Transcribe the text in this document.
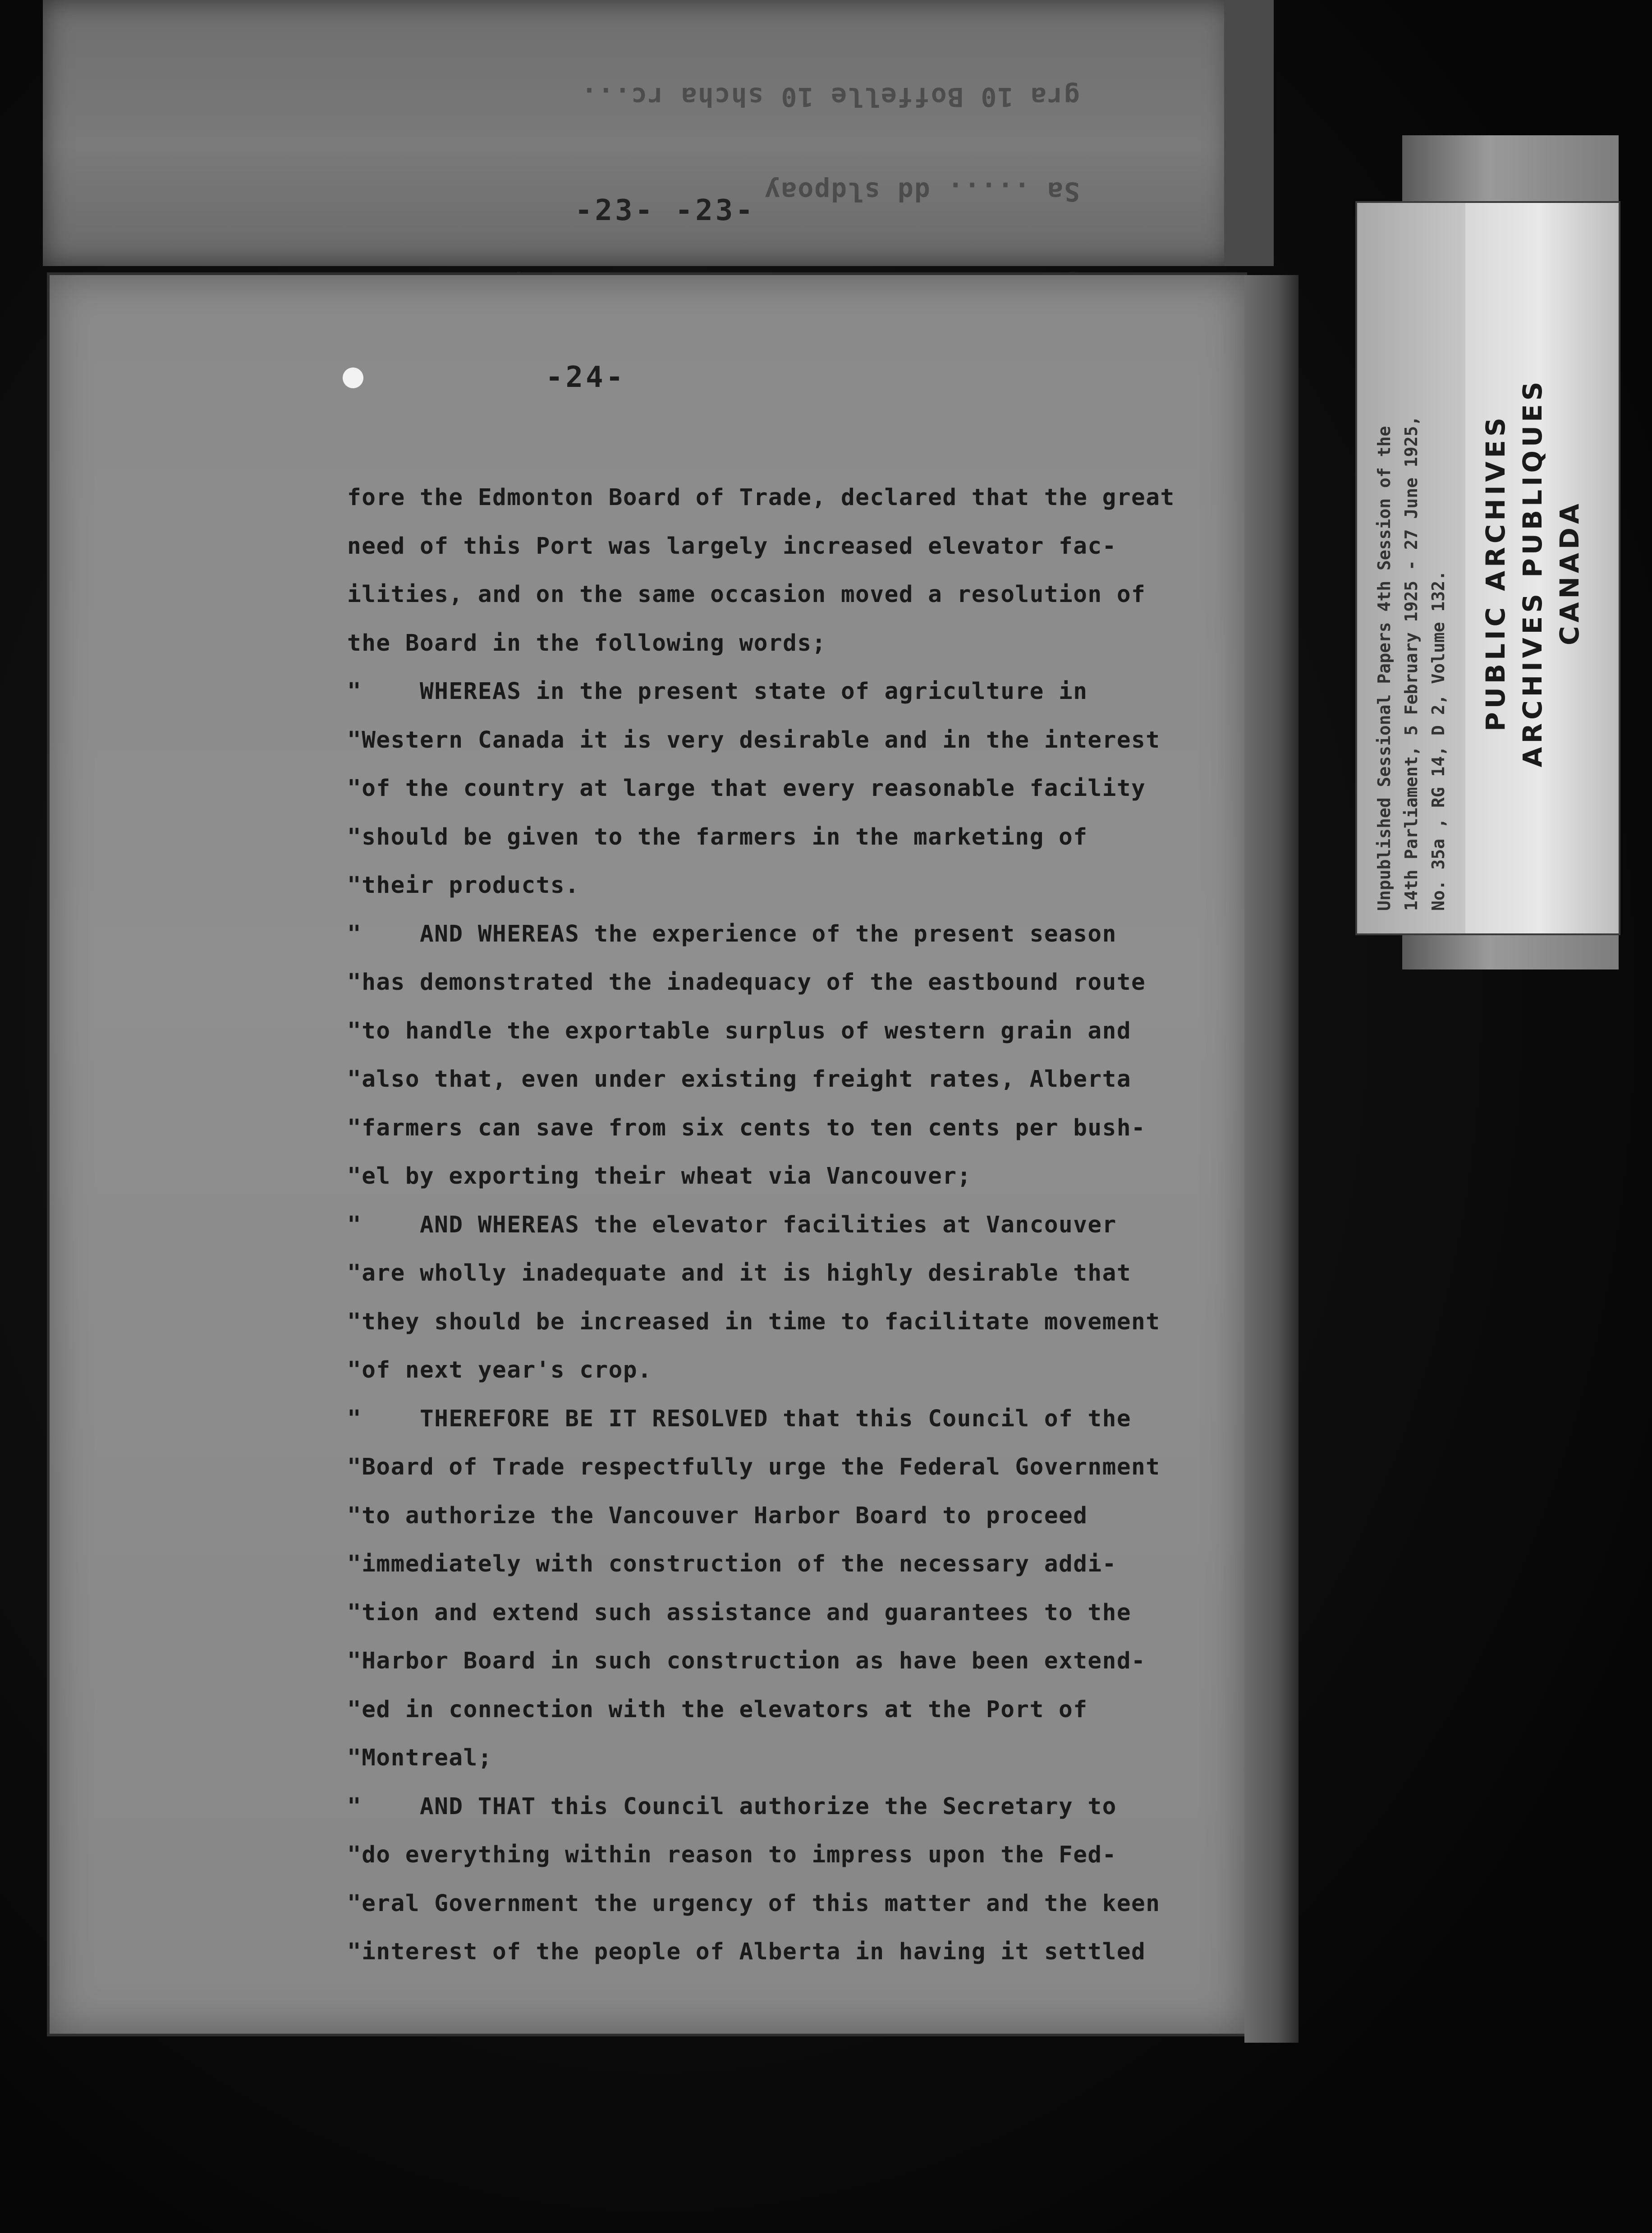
Sa ..... dd sldpoay

gra 10 Boffelle 10 shcha rc...

-23- -23-
-24-
fore the Edmonton Board of Trade, declared that the great
need of this Port was largely increased elevator fac-
ilities, and on the same occasion moved a resolution of
the Board in the following words;
"    WHEREAS in the present state of agriculture in
"Western Canada it is very desirable and in the interest
"of the country at large that every reasonable facility
"should be given to the farmers in the marketing of
"their products.
"    AND WHEREAS the experience of the present season
"has demonstrated the inadequacy of the eastbound route
"to handle the exportable surplus of western grain and
"also that, even under existing freight rates, Alberta
"farmers can save from six cents to ten cents per bush-
"el by exporting their wheat via Vancouver;
"    AND WHEREAS the elevator facilities at Vancouver
"are wholly inadequate and it is highly desirable that
"they should be increased in time to facilitate movement
"of next year's crop.
"    THEREFORE BE IT RESOLVED that this Council of the
"Board of Trade respectfully urge the Federal Government
"to authorize the Vancouver Harbor Board to proceed
"immediately with construction of the necessary addi-
"tion and extend such assistance and guarantees to the
"Harbor Board in such construction as have been extend-
"ed in connection with the elevators at the Port of
"Montreal;
"    AND THAT this Council authorize the Secretary to
"do everything within reason to impress upon the Fed-
"eral Government the urgency of this matter and the keen
"interest of the people of Alberta in having it settled
Unpublished Sessional Papers 4th Session of the 14th Parliament, 5 February 1925 - 27 June 1925, No. 35a , RG 14, D 2, Volume 132. PUBLIC ARCHIVES ARCHIVES PUBLIQUES CANADA
